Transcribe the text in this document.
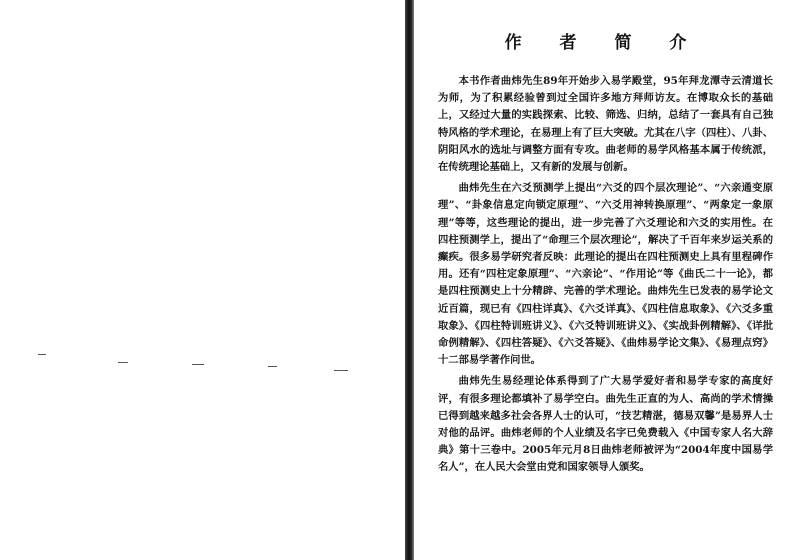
作 者 简 介

本书作者曲炜先生89年开始步入易学殿堂，95年拜龙潭寺云清道长为师，为了积累经验曾到过全国许多地方拜师访友。在博取众长的基础上，又经过大量的实践探索、比较、筛选、归纳，总结了一套具有自己独特风格的学术理论，在易理上有了巨大突破。尤其在八字（四柱）、八卦、阴阳风水的选址与调整方面有专攻。曲老师的易学风格基本属于传统派，在传统理论基础上，又有新的发展与创新。

曲炜先生在六爻预测学上提出“六爻的四个层次理论”、“六亲通变原理”、“卦象信息定向锁定原理”、“六爻用神转换原理”、“两象定一象原理”等等，这些理论的提出，进一步完善了六爻理论和六爻的实用性。在四柱预测学上，提出了“命理三个层次理论”，解决了千百年来岁运关系的癫疾。很多易学研究者反映：此理论的提出在四柱预测史上具有里程碑作用。还有“四柱定象原理”、“六亲论”、“作用论”等《曲氏二十一论》，都是四柱预测史上十分精辟、完善的学术理论。曲炜先生已发表的易学论文近百篇，现已有《四柱详真》、《六爻详真》、《四柱信息取象》、《六爻多重取象》、《四柱特训班讲义》、《六爻特训班讲义》、《实战卦例精解》、《详批命例精解》、《四柱答疑》、《六爻答疑》、《曲炜易学论文集》、《易理点窍》十二部易学著作问世。

曲炜先生易经理论体系得到了广大易学爱好者和易学专家的高度好评，有很多理论都填补了易学空白。曲先生正直的为人、高尚的学术情操已得到越来越多社会各界人士的认可，“技艺精湛，德易双馨”是易界人士对他的品评。曲炜老师的个人业绩及名字已免费载入《中国专家人名大辞典》第十三卷中。2005年元月8日曲炜老师被评为“2004年度中国易学名人”，在人民大会堂由党和国家领导人颁奖。
